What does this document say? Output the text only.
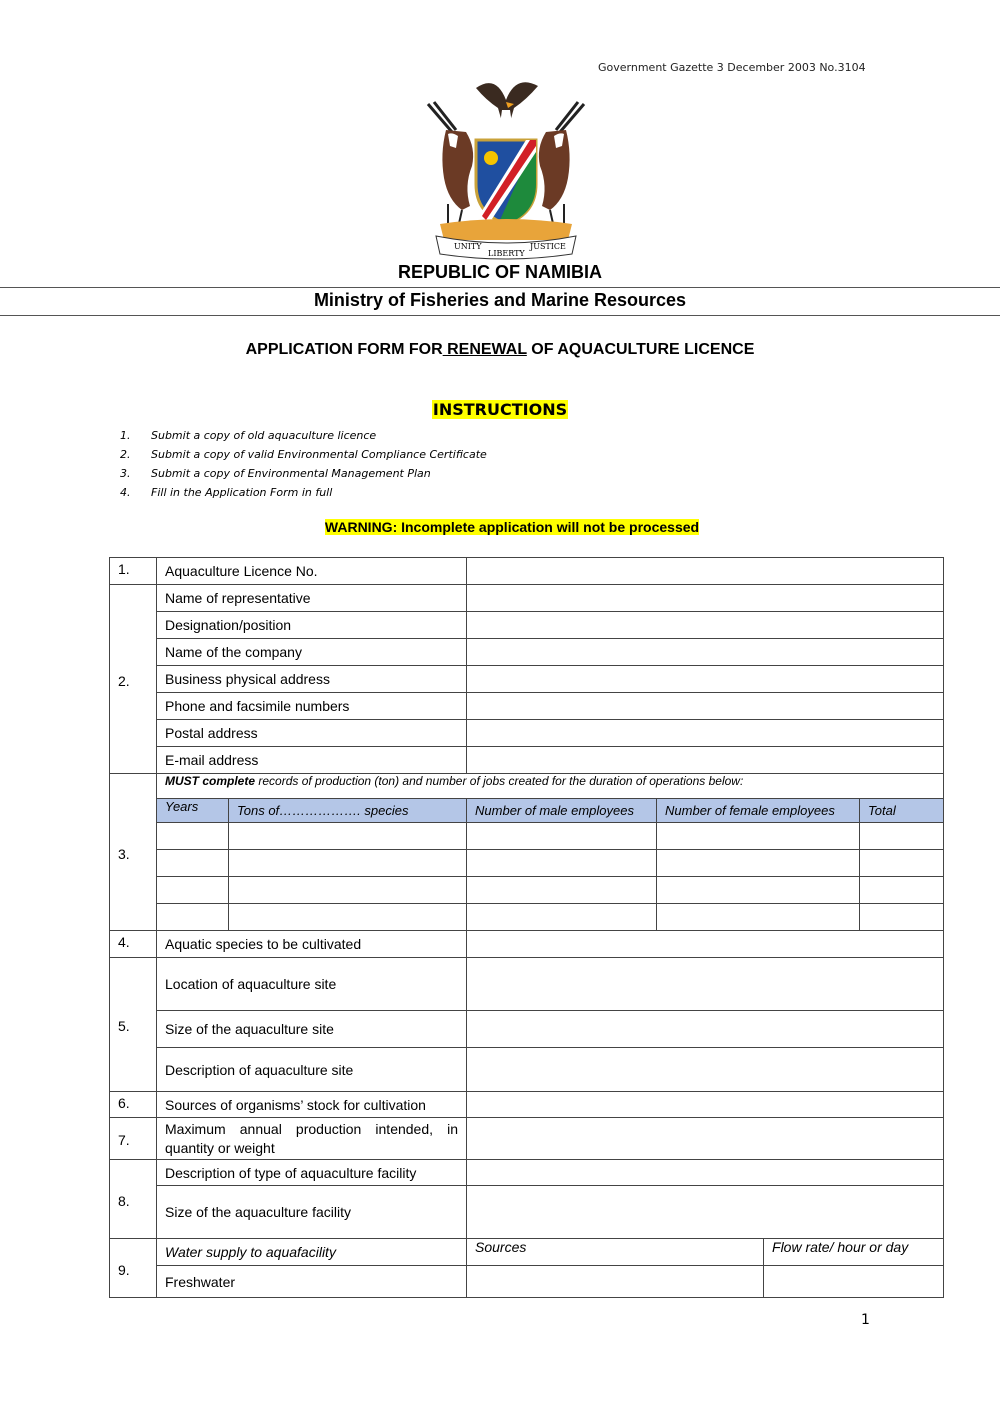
Government Gazette 3 December 2003 No.3104
UNITY
LIBERTY
JUSTICE
REPUBLIC OF NAMIBIA
Ministry of Fisheries and Marine Resources
APPLICATION FORM FOR RENEWAL OF AQUACULTURE LICENCE
INSTRUCTIONS
1. Submit a copy of old aquaculture licence
2. Submit a copy of valid Environmental Compliance Certificate
3. Submit a copy of Environmental Management Plan
4. Fill in the Application Form in full
WARNING: Incomplete application will not be processed
1.	Aquaculture Licence No.					
2.	Name of representative					
	Designation/position					
	Name of the company					
	Business physical address					
	Phone and facsimile numbers					
	Postal address					
	E-mail address					
3.	MUST complete records of production (ton) and number of jobs created for the duration of operations below:					
	Years	Tons of………………. species	Number of male employees	Number of female employees		Total

4.	Aquatic species to be cultivated					
5.	Location of aquaculture site					
	Size of the aquaculture site					
	Description of aquaculture site					
6.	Sources of organisms’ stock for cultivation					
7.	Maximum annual production intended, in quantity or weight					
8.	Description of type of aquaculture facility					
	Size of the aquaculture facility					
9.	Water supply to aquafacility		Sources		Flow rate/ hour or day	
	Freshwater					
1
